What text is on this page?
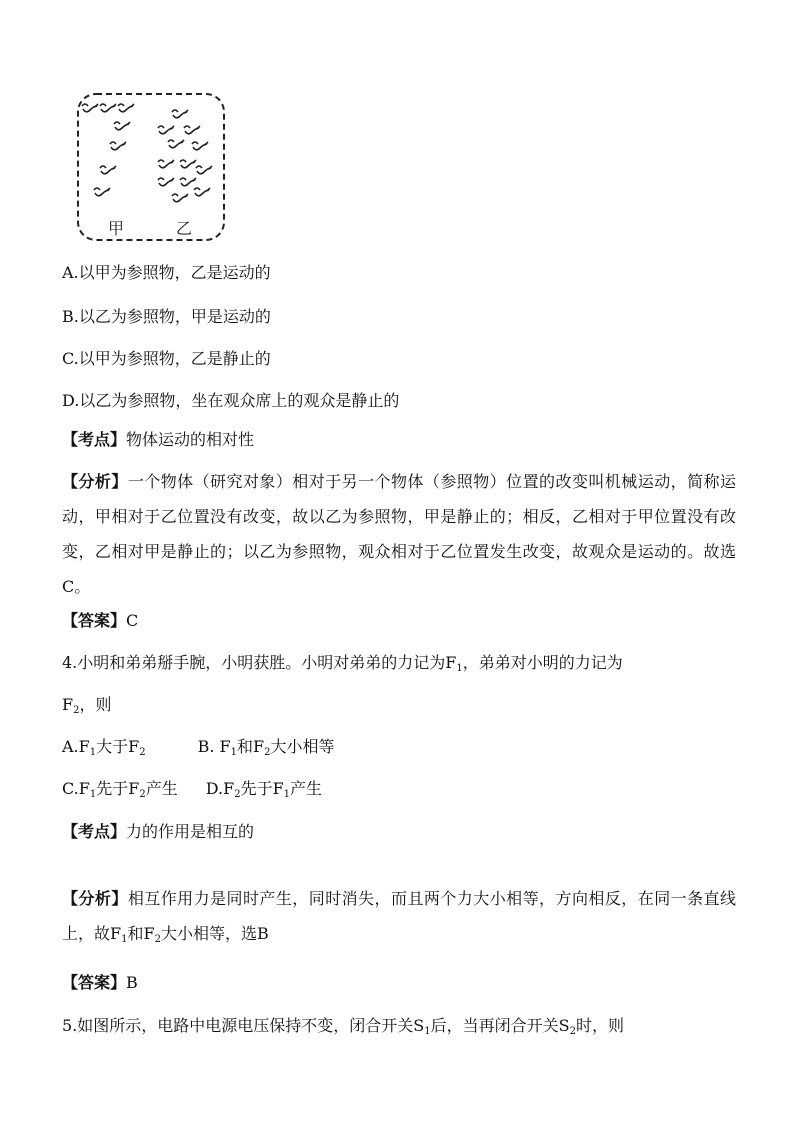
甲	乙
A.以甲为参照物，乙是运动的
B.以乙为参照物，甲是运动的
C.以甲为参照物，乙是静止的
D.以乙为参照物，坐在观众席上的观众是静止的
【考点】物体运动的相对性
【分析】一个物体（研究对象）相对于另一个物体（参照物）位置的改变叫机械运动，简称运动，甲相对于乙位置没有改变，故以乙为参照物，甲是静止的；相反，乙相对于甲位置没有改变，乙相对甲是静止的；以乙为参照物，观众相对于乙位置发生改变，故观众是运动的。故选C。
【答案】C
4.小明和弟弟掰手腕，小明获胜。小明对弟弟的力记为$F_1$，弟弟对小明的力记为
$F_2$，则
$A.F_1$大于$F_2$	B. $F_1$和$F_2$大小相等
$C.F_1$先于$F_2$产生 $D.F_2$先于$F_1$产生
【考点】力的作用是相互的
【分析】相互作用力是同时产生，同时消失，而且两个力大小相等，方向相反，在同一条直线上，故$F_1$和$F_2$大小相等，选B
【答案】B
5.如图所示，电路中电源电压保持不变，闭合开关$S_1$后，当再闭合开关$S_2$时，则
